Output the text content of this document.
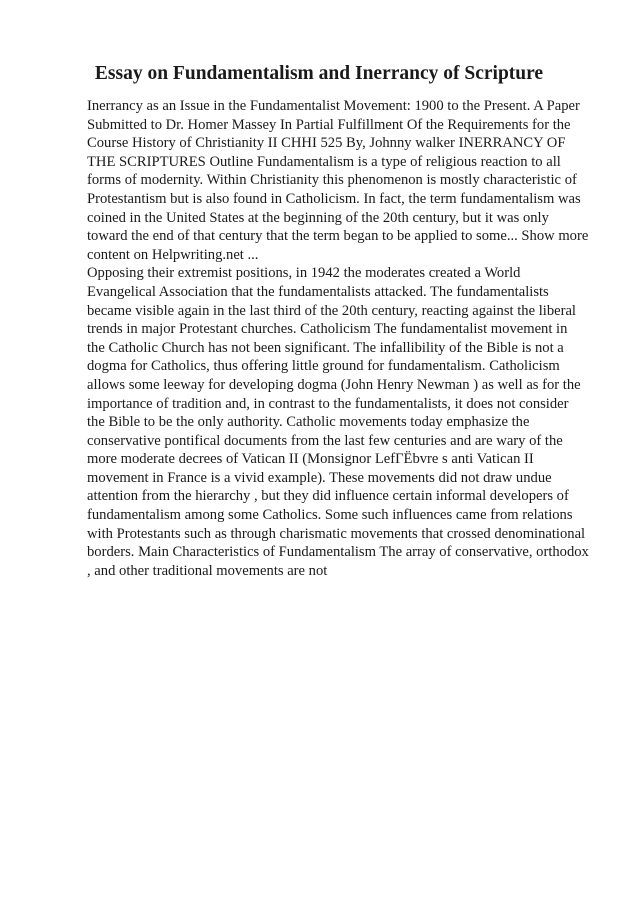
Essay on Fundamentalism and Inerrancy of Scripture
Inerrancy as an Issue in the Fundamentalist Movement: 1900 to the Present. A Paper
Submitted to Dr. Homer Massey In Partial Fulfillment Of the Requirements for the
Course History of Christianity II CHHI 525 By, Johnny walker INERRANCY OF
THE SCRIPTURES Outline Fundamentalism is a type of religious reaction to all
forms of modernity. Within Christianity this phenomenon is mostly characteristic of
Protestantism but is also found in Catholicism. In fact, the term fundamentalism was
coined in the United States at the beginning of the 20th century, but it was only
toward the end of that century that the term began to be applied to some... Show more
content on Helpwriting.net ...
Opposing their extremist positions, in 1942 the moderates created a World
Evangelical Association that the fundamentalists attacked. The fundamentalists
became visible again in the last third of the 20th century, reacting against the liberal
trends in major Protestant churches. Catholicism The fundamentalist movement in
the Catholic Church has not been significant. The infallibility of the Bible is not a
dogma for Catholics, thus offering little ground for fundamentalism. Catholicism
allows some leeway for developing dogma (John Henry Newman ) as well as for the
importance of tradition and, in contrast to the fundamentalists, it does not consider
the Bible to be the only authority. Catholic movements today emphasize the
conservative pontifical documents from the last few centuries and are wary of the
more moderate decrees of Vatican II (Monsignor LefГËbvre s anti Vatican II
movement in France is a vivid example). These movements did not draw undue
attention from the hierarchy , but they did influence certain informal developers of
fundamentalism among some Catholics. Some such influences came from relations
with Protestants such as through charismatic movements that crossed denominational
borders. Main Characteristics of Fundamentalism The array of conservative, orthodox
, and other traditional movements are not
